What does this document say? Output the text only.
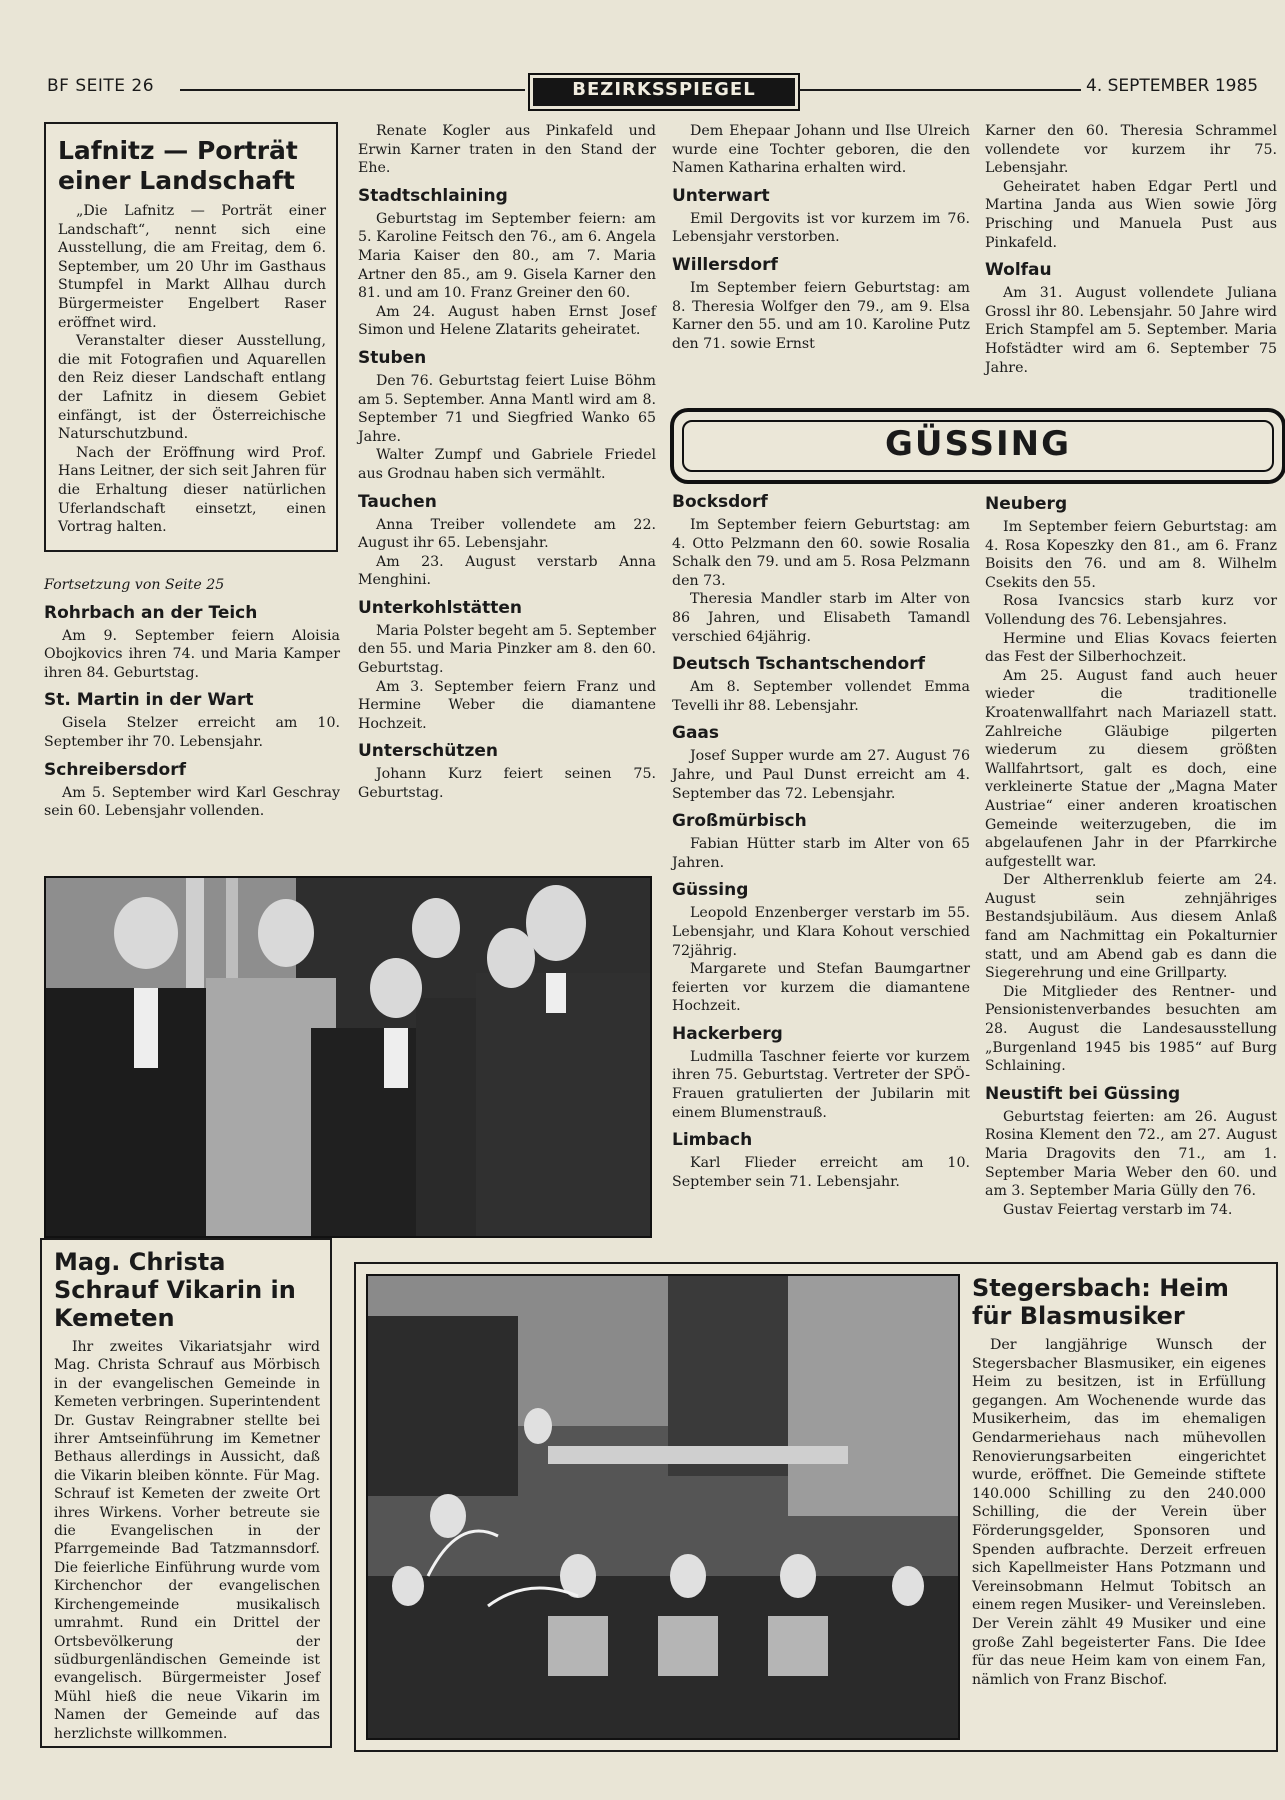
BF SEITE 26	BEZIRKSSPIEGEL	4. SEPTEMBER 1985
Lafnitz — Porträt einer Landschaft

„Die Lafnitz — Porträt einer Landschaft“, nennt sich eine Ausstellung, die am Freitag, dem 6. September, um 20 Uhr im Gasthaus Stumpfel in Markt Allhau durch Bürgermeister Engelbert Raser eröffnet wird.

Veranstalter dieser Ausstellung, die mit Fotografien und Aquarellen den Reiz dieser Landschaft entlang der Lafnitz in diesem Gebiet einfängt, ist der Österreichische Naturschutzbund.

Nach der Eröffnung wird Prof. Hans Leitner, der sich seit Jahren für die Erhaltung dieser natürlichen Uferlandschaft einsetzt, einen Vortrag halten.

Fortsetzung von Seite 25
Rohrbach an der Teich

Am 9. September feiern Aloisia Obojkovics ihren 74. und Maria Kamper ihren 84. Geburtstag.

St. Martin in der Wart

Gisela Stelzer erreicht am 10. September ihr 70. Lebensjahr.

Schreibersdorf

Am 5. September wird Karl Geschray sein 60. Lebensjahr vollenden.

Renate Kogler aus Pinkafeld und Erwin Karner traten in den Stand der Ehe.

Stadtschlaining

Geburtstag im September feiern: am 5. Karoline Feitsch den 76., am 6. Angela Maria Kaiser den 80., am 7. Maria Artner den 85., am 9. Gisela Karner den 81. und am 10. Franz Greiner den 60.

Am 24. August haben Ernst Josef Simon und Helene Zlatarits geheiratet.

Stuben

Den 76. Geburtstag feiert Luise Böhm am 5. September. Anna Mantl wird am 8. September 71 und Siegfried Wanko 65 Jahre.

Walter Zumpf und Gabriele Friedel aus Grodnau haben sich vermählt.

Tauchen

Anna Treiber vollendete am 22. August ihr 65. Lebensjahr.

Am 23. August verstarb Anna Menghini.

Unterkohlstätten

Maria Polster begeht am 5. September den 55. und Maria Pinzker am 8. den 60. Geburtstag.

Am 3. September feiern Franz und Hermine Weber die diamantene Hochzeit.

Unterschützen

Johann Kurz feiert seinen 75. Geburtstag.

Dem Ehepaar Johann und Ilse Ulreich wurde eine Tochter geboren, die den Namen Katharina erhalten wird.

Unterwart

Emil Dergovits ist vor kurzem im 76. Lebensjahr verstorben.

Willersdorf

Im September feiern Geburtstag: am 8. Theresia Wolfger den 79., am 9. Elsa Karner den 55. und am 10. Karoline Putz den 71. sowie Ernst

Karner den 60. Theresia Schrammel vollendete vor kurzem ihr 75. Lebensjahr.

Geheiratet haben Edgar Pertl und Martina Janda aus Wien sowie Jörg Prisching und Manuela Pust aus Pinkafeld.

Wolfau

Am 31. August vollendete Juliana Grossl ihr 80. Lebensjahr. 50 Jahre wird Erich Stampfel am 5. September. Maria Hofstädter wird am 6. September 75 Jahre.

GÜSSING
Bocksdorf

Im September feiern Geburtstag: am 4. Otto Pelzmann den 60. sowie Rosalia Schalk den 79. und am 5. Rosa Pelzmann den 73.

Theresia Mandler starb im Alter von 86 Jahren, und Elisabeth Tamandl verschied 64jährig.

Deutsch Tschantschendorf

Am 8. September vollendet Emma Tevelli ihr 88. Lebensjahr.

Gaas

Josef Supper wurde am 27. August 76 Jahre, und Paul Dunst erreicht am 4. September das 72. Lebensjahr.

Großmürbisch

Fabian Hütter starb im Alter von 65 Jahren.

Güssing

Leopold Enzenberger verstarb im 55. Lebensjahr, und Klara Kohout verschied 72jährig.

Margarete und Stefan Baumgartner feierten vor kurzem die diamantene Hochzeit.

Hackerberg

Ludmilla Taschner feierte vor kurzem ihren 75. Geburtstag. Vertreter der SPÖ-Frauen gratulierten der Jubilarin mit einem Blumenstrauß.

Limbach

Karl Flieder erreicht am 10. September sein 71. Lebensjahr.

Neuberg

Im September feiern Geburtstag: am 4. Rosa Kopeszky den 81., am 6. Franz Boisits den 76. und am 8. Wilhelm Csekits den 55.

Rosa Ivancsics starb kurz vor Vollendung des 76. Lebensjahres.

Hermine und Elias Kovacs feierten das Fest der Silberhochzeit.

Am 25. August fand auch heuer wieder die traditionelle Kroatenwallfahrt nach Mariazell statt. Zahlreiche Gläubige pilgerten wiederum zu diesem größten Wallfahrtsort, galt es doch, eine verkleinerte Statue der „Magna Mater Austriae“ einer anderen kroatischen Gemeinde weiterzugeben, die im abgelaufenen Jahr in der Pfarrkirche aufgestellt war.

Der Altherrenklub feierte am 24. August sein zehnjähriges Bestandsjubiläum. Aus diesem Anlaß fand am Nachmittag ein Pokalturnier statt, und am Abend gab es dann die Siegerehrung und eine Grillparty.

Die Mitglieder des Rentner- und Pensionistenverbandes besuchten am 28. August die Landesausstellung „Burgenland 1945 bis 1985“ auf Burg Schlaining.

Neustift bei Güssing

Geburtstag feierten: am 26. August Rosina Klement den 72., am 27. August Maria Dragovits den 71., am 1. September Maria Weber den 60. und am 3. September Maria Gülly den 76.

Gustav Feiertag verstarb im 74.

Mag. Christa Schrauf Vikarin in Kemeten

Ihr zweites Vikariatsjahr wird Mag. Christa Schrauf aus Mörbisch in der evangelischen Gemeinde in Kemeten verbringen. Superintendent Dr. Gustav Reingrabner stellte bei ihrer Amtseinführung im Kemetner Bethaus allerdings in Aussicht, daß die Vikarin bleiben könnte. Für Mag. Schrauf ist Kemeten der zweite Ort ihres Wirkens. Vorher betreute sie die Evangelischen in der Pfarrgemeinde Bad Tatzmannsdorf. Die feierliche Einführung wurde vom Kirchenchor der evangelischen Kirchengemeinde musikalisch umrahmt. Rund ein Drittel der Ortsbevölkerung der südburgenländischen Gemeinde ist evangelisch. Bürgermeister Josef Mühl hieß die neue Vikarin im Namen der Gemeinde auf das herzlichste willkommen.

Stegersbach: Heim für Blasmusiker

Der langjährige Wunsch der Stegersbacher Blasmusiker, ein eigenes Heim zu besitzen, ist in Erfüllung gegangen. Am Wochenende wurde das Musikerheim, das im ehemaligen Gendarmeriehaus nach mühevollen Renovierungsarbeiten eingerichtet wurde, eröffnet. Die Gemeinde stiftete 140.000 Schilling zu den 240.000 Schilling, die der Verein über Förderungsgelder, Sponsoren und Spenden aufbrachte. Derzeit erfreuen sich Kapellmeister Hans Potzmann und Vereinsobmann Helmut Tobitsch an einem regen Musiker- und Vereinsleben. Der Verein zählt 49 Musiker und eine große Zahl begeisterter Fans. Die Idee für das neue Heim kam von einem Fan, nämlich von Franz Bischof.
